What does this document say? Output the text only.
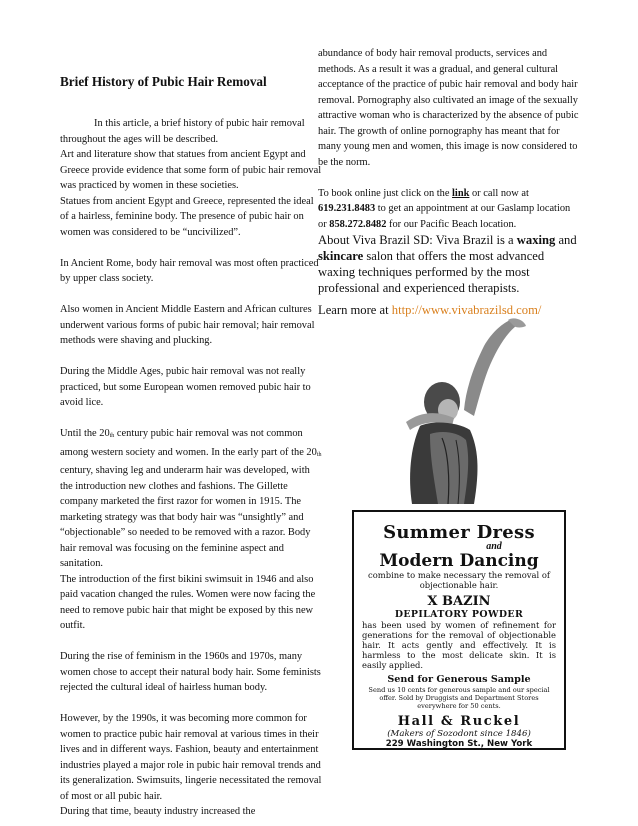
Brief History of Pubic Hair Removal
In this article, a brief history of pubic hair removal throughout the ages will be described.
Art and literature show that statues from ancient Egypt and Greece provide evidence that some form of pubic hair removal was practiced by women in these societies.
Statues from ancient Egypt and Greece, represented the ideal of a hairless, feminine body. The presence of pubic hair on women was considered to be “uncivilized”.
In Ancient Rome, body hair removal was most often practiced by upper class society.
Also women in Ancient Middle Eastern and African cultures underwent various forms of pubic hair removal; hair removal methods were shaving and plucking.
During the Middle Ages, pubic hair removal was not really practiced, but some European women removed pubic hair to avoid lice.
Until the 20th century pubic hair removal was not common among western society and women. In the early part of the 20th century, shaving leg and underarm hair was developed, with the introduction new clothes and fashions. The Gillette company marketed the first razor for women in 1915. The marketing strategy was that body hair was “unsightly” and “objectionable” so needed to be removed with a razor. Body hair removal was focusing on the feminine aspect and sanitation.
The introduction of the first bikini swimsuit in 1946 and also paid vacation changed the rules. Women were now facing the need to remove pubic hair that might be exposed by this new outfit.
During the rise of feminism in the 1960s and 1970s, many women chose to accept their natural body hair. Some feminists rejected the cultural ideal of hairless human body.
However, by the 1990s, it was becoming more common for women to practice pubic hair removal at various times in their lives and in different ways. Fashion, beauty and entertainment industries played a major role in pubic hair removal trends and its generalization. Swimsuits, lingerie necessitated the removal of most or all pubic hair.
During that time, beauty industry increased the
abundance of body hair removal products, services and methods. As a result it was a gradual, and general cultural acceptance of the practice of pubic hair removal and body hair removal. Pornography also cultivated an image of the sexually attractive woman who is characterized by the absence of pubic hair. The growth of online pornography has meant that for many young men and women, this image is now considered to be the norm.
To book online just click on the link or call now at 619.231.8483 to get an appointment at our Gaslamp location or 858.272.8482 for our Pacific Beach location.
About Viva Brazil SD: Viva Brazil is a waxing and skincare salon that offers the most advanced waxing techniques performed by the most professional and experienced therapists.
Learn more at http://www.vivabrazilsd.com/
Summer Dress
and
Modern Dancing
combine to make necessary the removal of objectionable hair.
X BAZIN
DEPILATORY POWDER
has been used by women of refinement for generations for the removal of objectionable hair. It acts gently and effectively. It is harmless to the most delicate skin. It is easily applied.
Send for Generous Sample
Send us 10 cents for generous sample and our special offer. Sold by Druggists and Department Stores everywhere for 50 cents.
Hall & Ruckel
(Makers of Sozodont since 1846)
229 Washington St., New York
